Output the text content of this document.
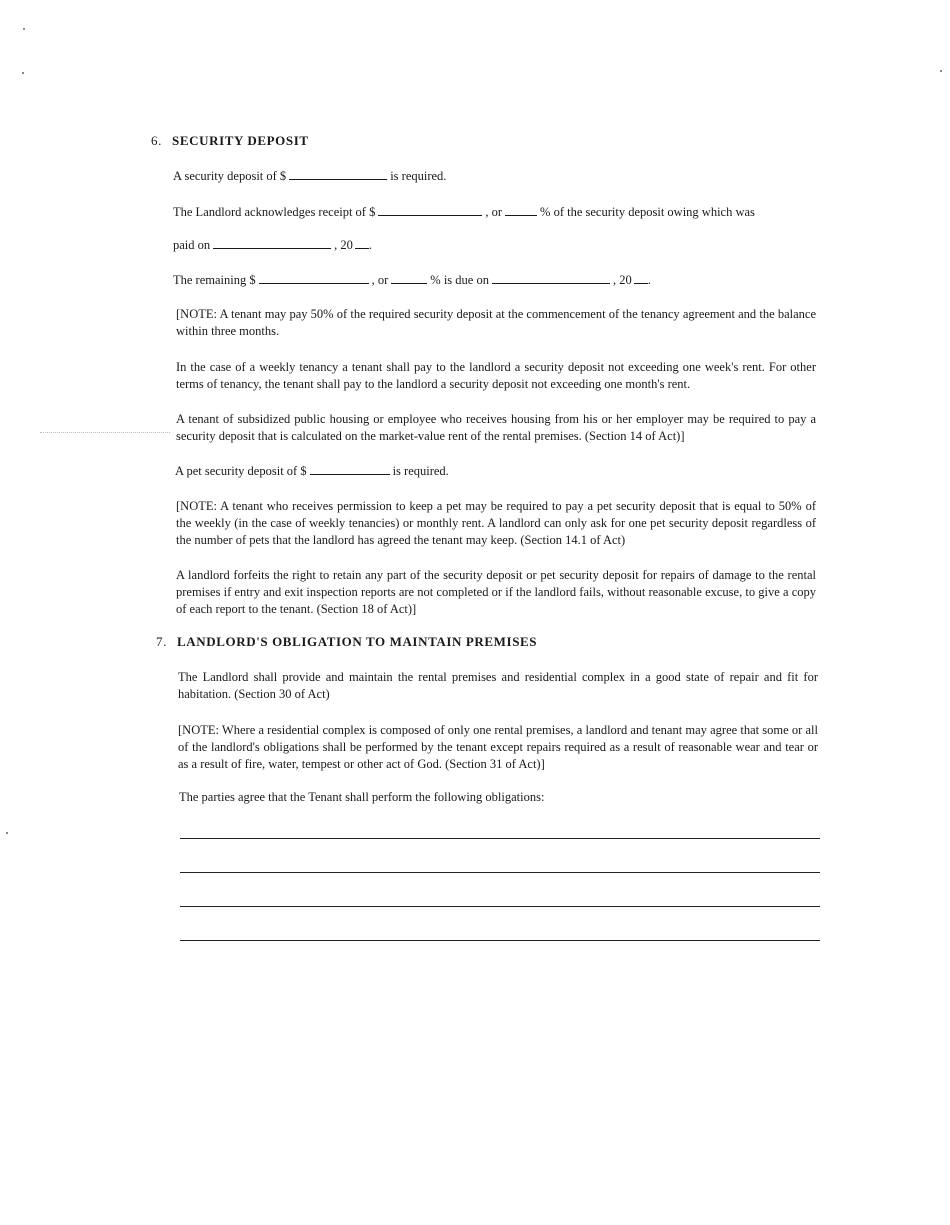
6. SECURITY DEPOSIT

A security deposit of $	is required.

The Landlord acknowledges receipt of $	, or	% of the security deposit owing which was

paid on	, 20 .

The remaining $	, or	% is due on	, 20 .

[NOTE: A tenant may pay 50% of the required security deposit at the commencement of the tenancy agreement and the balance within three months.

In the case of a weekly tenancy a tenant shall pay to the landlord a security deposit not exceeding one week's rent. For other terms of tenancy, the tenant shall pay to the landlord a security deposit not exceeding one month's rent.

A tenant of subsidized public housing or employee who receives housing from his or her employer may be required to pay a security deposit that is calculated on the market-value rent of the rental premises. (Section 14 of Act)]

A pet security deposit of $	is required.

[NOTE: A tenant who receives permission to keep a pet may be required to pay a pet security deposit that is equal to 50% of the weekly (in the case of weekly tenancies) or monthly rent. A landlord can only ask for one pet security deposit regardless of the number of pets that the landlord has agreed the tenant may keep. (Section 14.1 of Act)

A landlord forfeits the right to retain any part of the security deposit or pet security deposit for repairs of damage to the rental premises if entry and exit inspection reports are not completed or if the landlord fails, without reasonable excuse, to give a copy of each report to the tenant. (Section 18 of Act)]

7. LANDLORD'S OBLIGATION TO MAINTAIN PREMISES

The Landlord shall provide and maintain the rental premises and residential complex in a good state of repair and fit for habitation. (Section 30 of Act)

[NOTE: Where a residential complex is composed of only one rental premises, a landlord and tenant may agree that some or all of the landlord's obligations shall be performed by the tenant except repairs required as a result of reasonable wear and tear or as a result of fire, water, tempest or other act of God. (Section 31 of Act)]

The parties agree that the Tenant shall perform the following obligations:
